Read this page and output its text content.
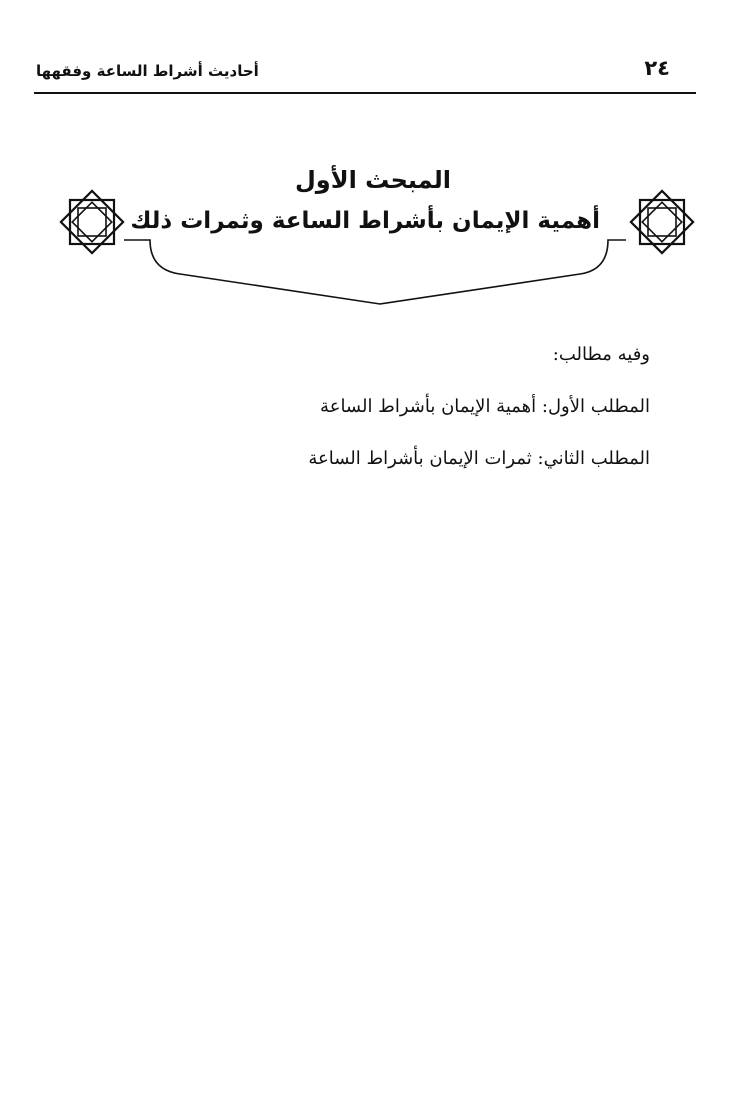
٢٤
أحاديث أشراط الساعة وفقهها
المبحث الأول
أهمية الإيمان بأشراط الساعة وثمرات ذلك
وفيه مطالب:
المطلب الأول: أهمية الإيمان بأشراط الساعة
المطلب الثاني: ثمرات الإيمان بأشراط الساعة
